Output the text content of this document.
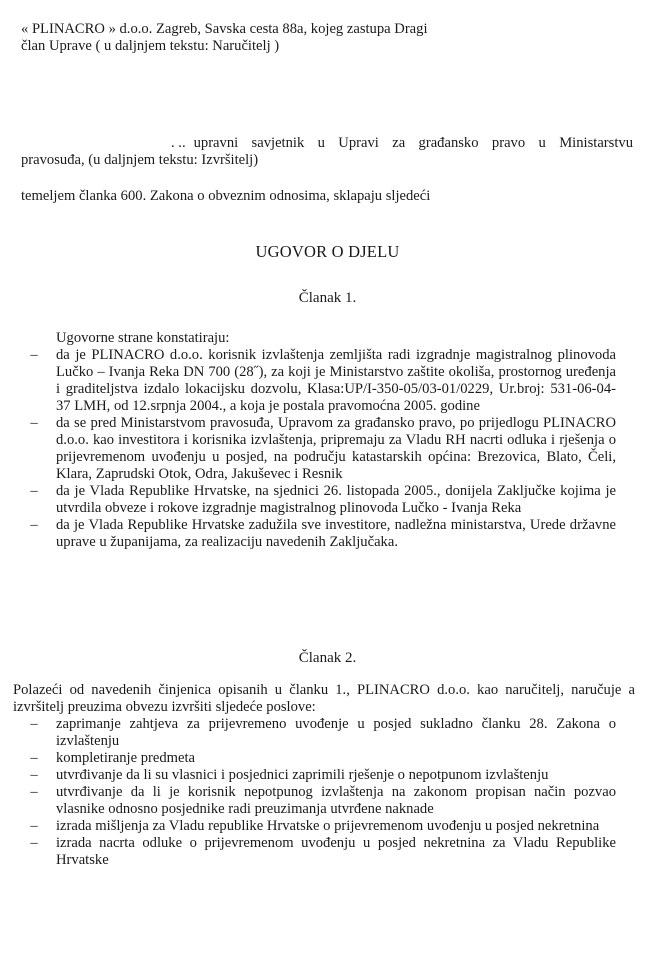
« PLINACRO » d.o.o. Zagreb, Savska cesta 88a, kojeg zastupa Dragi
član Uprave ( u daljnjem tekstu: Naručitelj )
. .. upravni savjetnik u Upravi za građansko pravo u Ministarstvu
pravosuđa, (u daljnjem tekstu: Izvršitelj)
temeljem članka 600. Zakona o obveznim odnosima, sklapaju sljedeći
UGOVOR O DJELU
Članak 1.
Ugovorne strane konstatiraju:
– da je PLINACRO d.o.o. korisnik izvlaštenja zemljišta radi izgradnje magistralnog plinovoda Lučko – Ivanja Reka DN 700 (28˝), za koji je Ministarstvo zaštite okoliša, prostornog uređenja i graditeljstva izdalo lokacijsku dozvolu, Klasa:UP/I-350-05/03-01/0229, Ur.broj: 531-06-04-37 LMH, od 12.srpnja 2004., a koja je postala pravomoćna 2005. godine
– da se pred Ministarstvom pravosuđa, Upravom za građansko pravo, po prijedlogu PLINACRO d.o.o. kao investitora i korisnika izvlaštenja, pripremaju za Vladu RH nacrti odluka i rješenja o prijevremenom uvođenju u posjed, na području katastarskih općina: Brezovica, Blato, Čeli, Klara, Zaprudski Otok, Odra, Jakuševec i Resnik
– da je Vlada Republike Hrvatske, na sjednici 26. listopada 2005., donijela Zaključke kojima je utvrdila obveze i rokove izgradnje magistralnog plinovoda Lučko - Ivanja Reka
– da je Vlada Republike Hrvatske zadužila sve investitore, nadležna ministarstva, Urede državne uprave u županijama, za realizaciju navedenih Zaključaka.
Članak 2.
Polazeći od navedenih činjenica opisanih u članku 1., PLINACRO d.o.o. kao naručitelj, naručuje a izvršitelj preuzima obvezu izvršiti sljedeće poslove:
– zaprimanje zahtjeva za prijevremeno uvođenje u posjed sukladno članku 28. Zakona o izvlaštenju
– kompletiranje predmeta
– utvrđivanje da li su vlasnici i posjednici zaprimili rješenje o nepotpunom izvlaštenju
– utvrđivanje da li je korisnik nepotpunog izvlaštenja na zakonom propisan način pozvao vlasnike odnosno posjednike radi preuzimanja utvrđene naknade
– izrada mišljenja za Vladu republike Hrvatske o prijevremenom uvođenju u posjed nekretnina
– izrada nacrta odluke o prijevremenom uvođenju u posjed nekretnina za Vladu Republike Hrvatske
